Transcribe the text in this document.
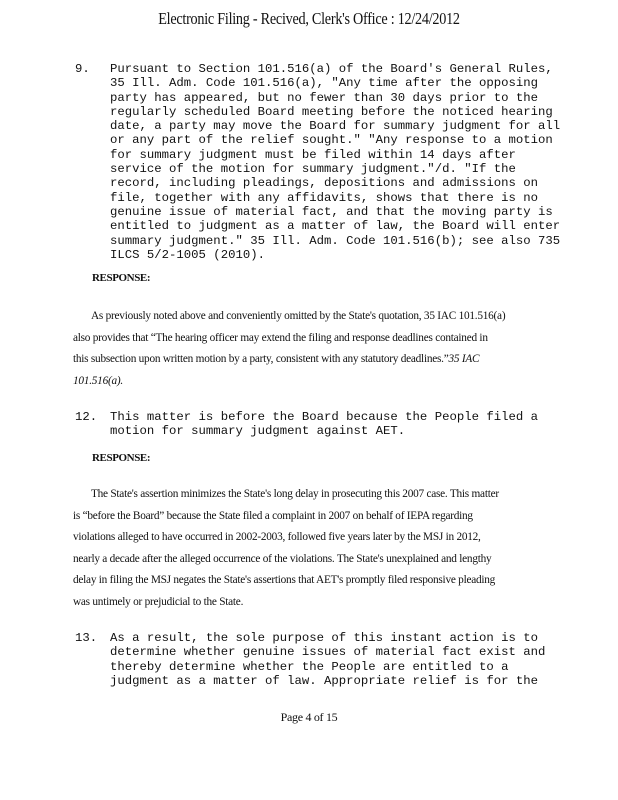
Electronic Filing - Recived, Clerk's Office : 12/24/2012
9. Pursuant to Section 101.516(a) of the Board's General Rules,
35 Ill. Adm. Code 101.516(a), "Any time after the opposing
party has appeared, but no fewer than 30 days prior to the
regularly scheduled Board meeting before the noticed hearing
date, a party may move the Board for summary judgment for all
or any part of the relief sought." "Any response to a motion
for summary judgment must be filed within 14 days after
service of the motion for summary judgment."/d. "If the
record, including pleadings, depositions and admissions on
file, together with any affidavits, shows that there is no
genuine issue of material fact, and that the moving party is
entitled to judgment as a matter of law, the Board will enter
summary judgment." 35 Ill. Adm. Code 101.516(b); see also 735
ILCS 5/2-1005 (2010).
RESPONSE:
As previously noted above and conveniently omitted by the State's quotation, 35 IAC 101.516(a)
also provides that “The hearing officer may extend the filing and response deadlines contained in
this subsection upon written motion by a party, consistent with any statutory deadlines.”35 IAC
101.516(a).
12. This matter is before the Board because the People filed a
motion for summary judgment against AET.
RESPONSE:
The State's assertion minimizes the State's long delay in prosecuting this 2007 case. This matter
is “before the Board” because the State filed a complaint in 2007 on behalf of IEPA regarding
violations alleged to have occurred in 2002-2003, followed five years later by the MSJ in 2012,
nearly a decade after the alleged occurrence of the violations. The State's unexplained and lengthy
delay in filing the MSJ negates the State's assertions that AET's promptly filed responsive pleading
was untimely or prejudicial to the State.
13. As a result, the sole purpose of this instant action is to
determine whether genuine issues of material fact exist and
thereby determine whether the People are entitled to a
judgment as a matter of law. Appropriate relief is for the
Page 4 of 15
